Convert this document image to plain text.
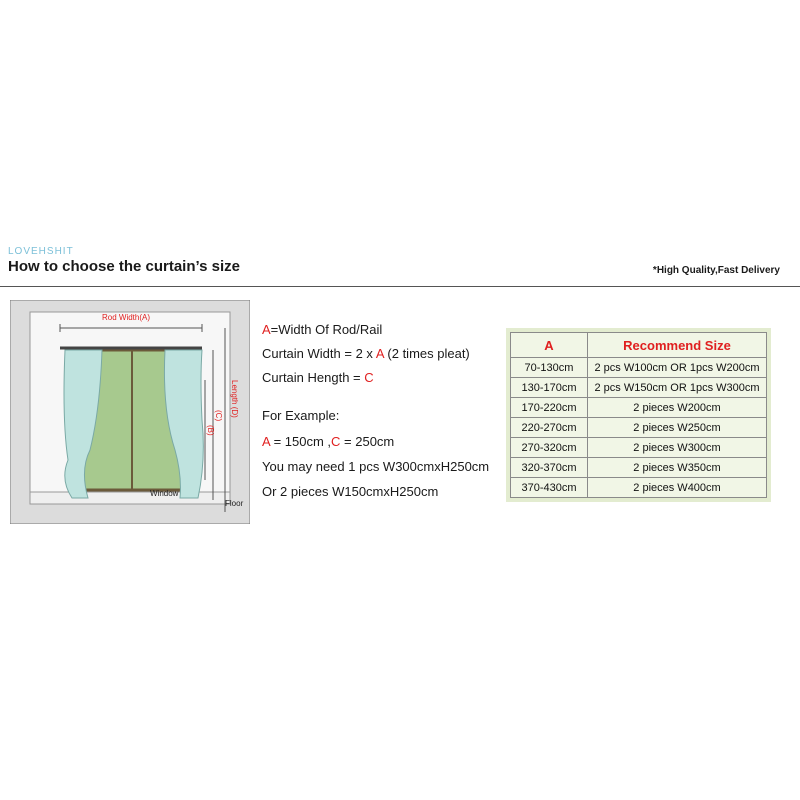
LOVEHSHIT
How to choose the curtain’s size	*High Quality,Fast Delivery
Rod Width(A)
Length (D)
(C)
(B)
Window
Floor
A=Width Of Rod/Rail
Curtain Width = 2 x A (2 times pleat)
Curtain Hength = C
For Example:
A = 150cm ,C = 250cm
You may need 1 pcs W300cmxH250cm
Or 2 pieces W150cmxH250cm
A	Recommend Size
70-130cm	2 pcs W100cm OR 1pcs W200cm
130-170cm	2 pcs W150cm OR 1pcs W300cm
170-220cm	2 pieces W200cm
220-270cm	2 pieces W250cm
270-320cm	2 pieces W300cm
320-370cm	2 pieces W350cm
370-430cm	2 pieces W400cm
